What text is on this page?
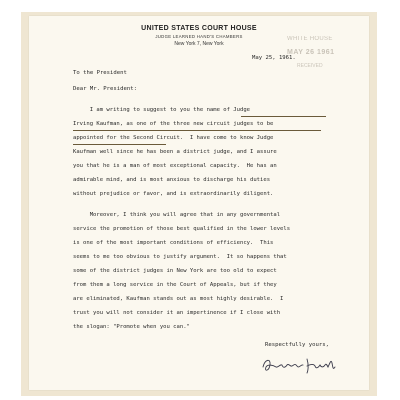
UNITED STATES COURT HOUSE
JUDGE LEARNED HAND'S CHAMBERS
New York 7, New York
WHITE HOUSE
MAY 26 1961
RECEIVED
May 25, 1961.
To the President
Dear Mr. President:
I am writing to suggest to you the name of Judge
Irving Kaufman, as one of the three new circuit judges to be
appointed for the Second Circuit.  I have come to know Judge
Kaufman well since he has been a district judge, and I assure
you that he is a man of most exceptional capacity.  He has an
admirable mind, and is most anxious to discharge his duties
without prejudice or favor, and is extraordinarily diligent.
Moreover, I think you will agree that in any governmental
service the promotion of those best qualified in the lower levels
is one of the most important conditions of efficiency.  This
seems to me too obvious to justify argument.  It so happens that
some of the district judges in New York are too old to expect
from them a long service in the Court of Appeals, but if they
are eliminated, Kaufman stands out as most highly desirable.  I
trust you will not consider it an impertinence if I close with
the slogan: "Promote when you can."
Respectfully yours,
